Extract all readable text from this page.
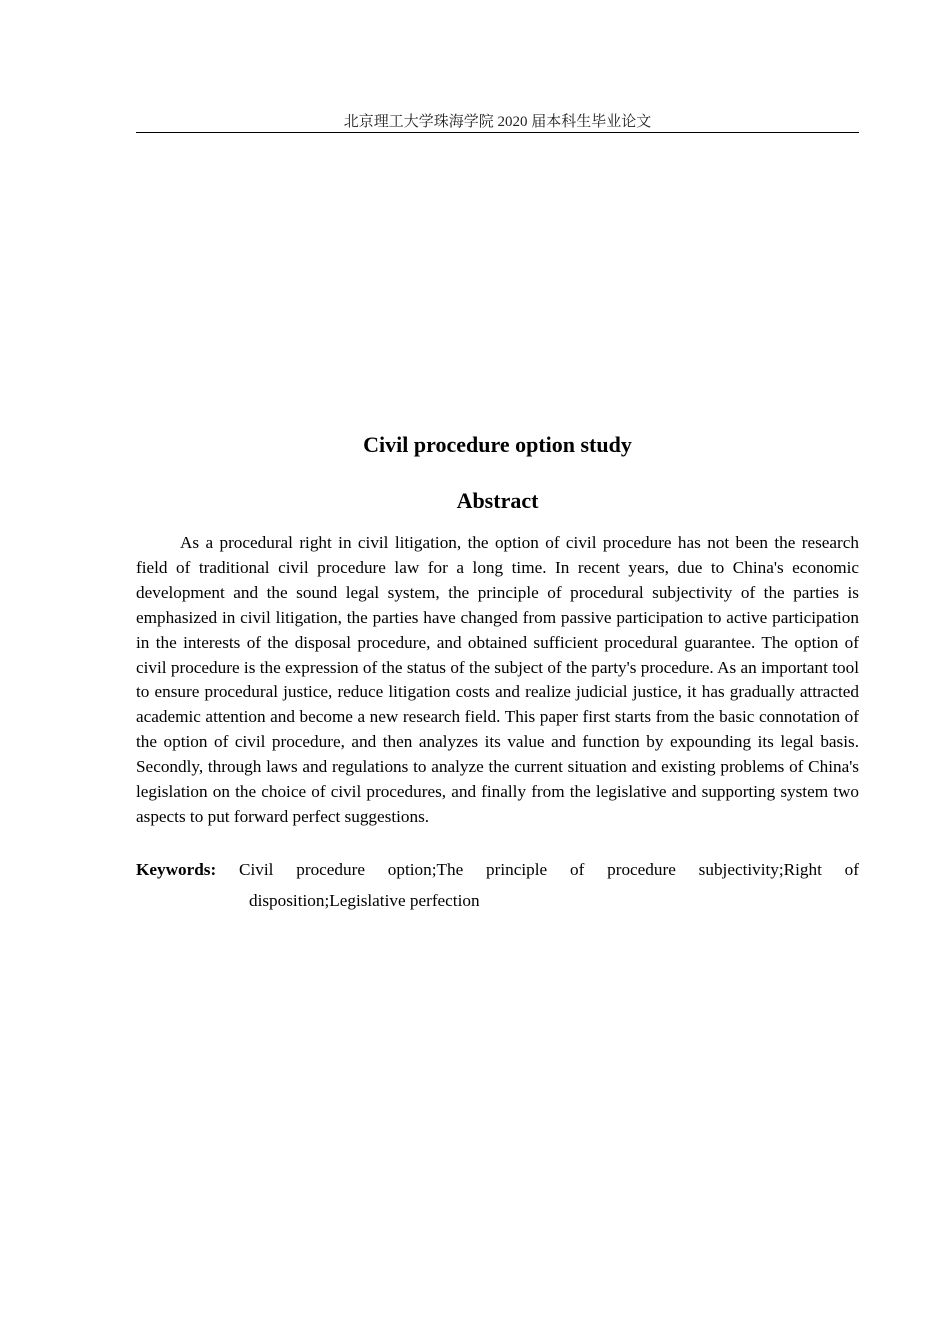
北京理工大学珠海学院 2020 届本科生毕业论文
Civil procedure option study
Abstract

As a procedural right in civil litigation, the option of civil procedure has not been the research field of traditional civil procedure law for a long time. In recent years, due to China's economic development and the sound legal system, the principle of procedural subjectivity of the parties is emphasized in civil litigation, the parties have changed from passive participation to active participation in the interests of the disposal procedure, and obtained sufficient procedural guarantee. The option of civil procedure is the expression of the status of the subject of the party's procedure. As an important tool to ensure procedural justice, reduce litigation costs and realize judicial justice, it has gradually attracted academic attention and become a new research field. This paper first starts from the basic connotation of the option of civil procedure, and then analyzes its value and function by expounding its legal basis. Secondly, through laws and regulations to analyze the current situation and existing problems of China's legislation on the choice of civil procedures, and finally from the legislative and supporting system two aspects to put forward perfect suggestions.

Keywords: Civil procedure option;The principle of procedure subjectivity;Right of disposition;Legislative perfection
